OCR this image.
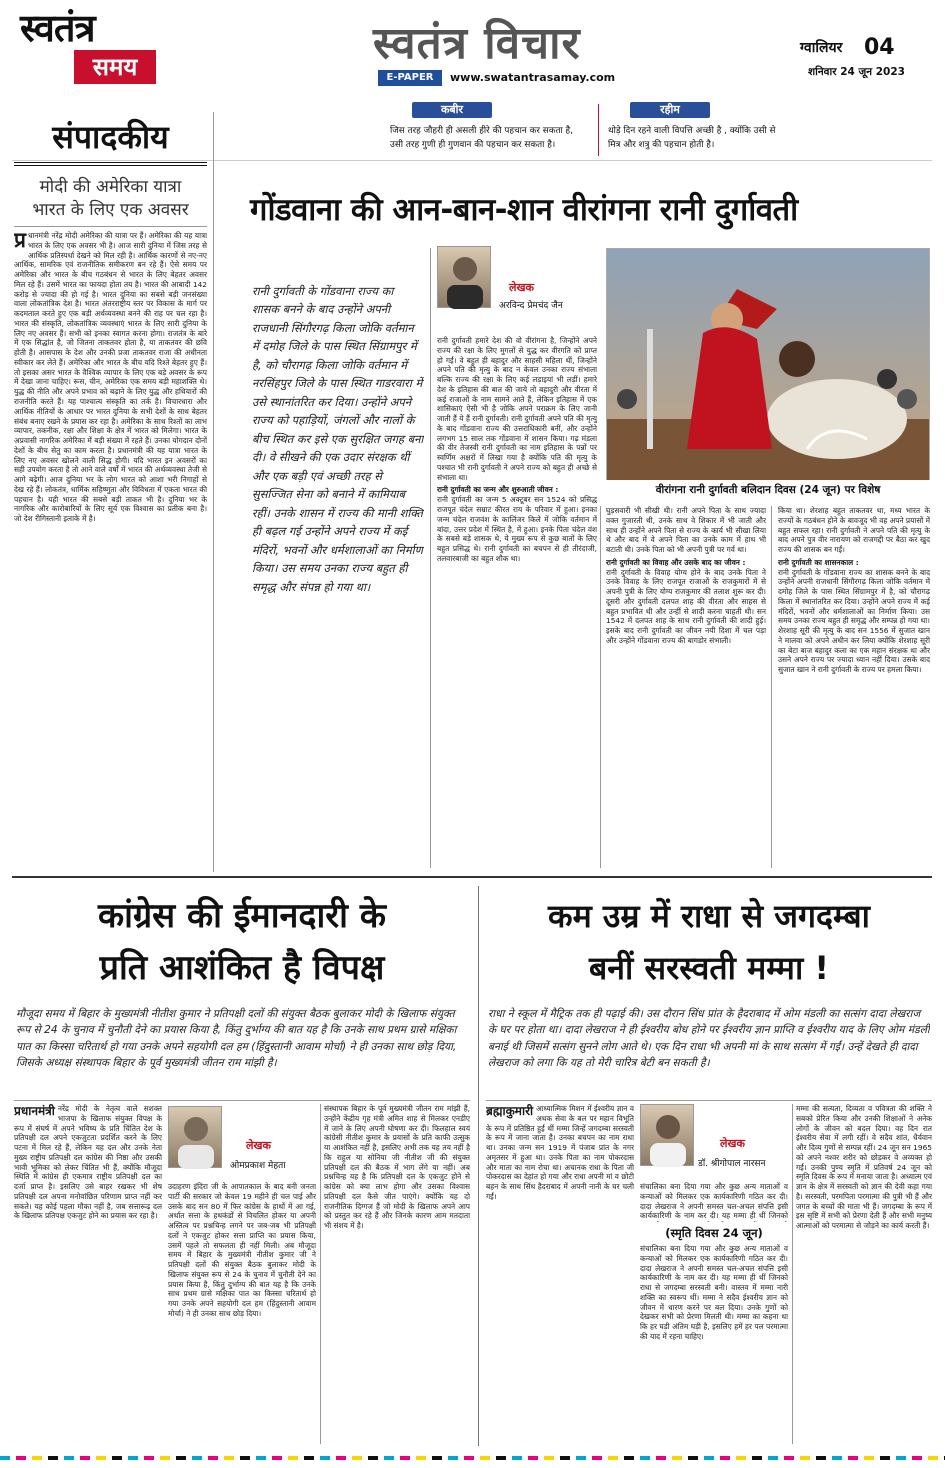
स्वतंत्र
समय	स्वतंत्र विचार
E-PAPER	www.swatantrasamay.com
ग्वालियर 04
शनिवार 24 जून 2023
कबीर
जिस तरह जौहरी ही असली हीरे की पहचान कर सकता है,
उसी तरह गुणी ही गुणवान की पहचान कर सकता है।
रहीम
थोड़े दिन रहने वाली विपत्ति अच्छी है , क्योंकि उसी से
मित्र और शत्रु की पहचान होती है।
संपादकीय
मोदी की अमेरिका यात्रा
भारत के लिए एक अवसर
प्र धानमंत्री नरेंद्र मोदी अमेरिका की यात्रा पर हैं। अमेरिका की यह यात्रा भारत के लिए एक अवसर भी है। आज सारी दुनिया में जिस तरह से आर्थिक प्रतिस्पर्धा देखने को मिल रही है। आर्थिक कारणों से नए-नए आर्थिक, सामरिक एवं राजनीतिक समीकरण बन रहे हैं। ऐसे समय पर अमेरिका और भारत के बीच गठबंधन से भारत के लिए बेहतर अवसर मिल रहे हैं। उसमें भारत का फायदा होता तय है। भारत की आबादी 142 करोड़ से ज्यादा की हो गई है। भारत दुनिया का सबसे बड़ी जनसंख्या वाला लोकतांत्रिक देश है। भारत अंतरराष्ट्रीय स्तर पर विकास के मार्ग पर कदमताल करते हुए एक बड़ी अर्थव्यवस्था बनने की राह पर चल रहा है। भारत की संस्कृति, लोकतांत्रिक व्यवस्थाएं भारत के लिए सारी दुनिया के लिए नए अवसर हैं। सभी को इनका स्वागत करना होगा। राजतंत्र के बारे में एक सिद्धांत है, जो जितना ताकतवर होता है, या ताकतवर की छवि होती है। आसपास के देश और उनकी प्रजा ताकतवर राजा की अधीनता स्वीकार कर लेते हैं। अमेरिका और भारत के बीच यदि रिश्ते बेहतर हुए हैं। तो इसका असर भारत के वैश्विक व्यापार के लिए एक बड़े अवसर के रूप में देखा जाना चाहिए। रूस, चीन, अमेरिका एक समय बड़ी महाशक्ति थे। युद्ध की नीति और अपने प्रभाव को बढ़ाने के लिए युद्ध और हथियारों की राजनीति करते हैं। यह पाश्चात्य संस्कृति का तर्क है। विचारधारा और आर्थिक नीतियों के आधार पर भारत दुनिया के सभी देशों के साथ बेहतर संबंध बनाए रखने के प्रयास कर रहा है। अमेरिका के साथ रिश्तों का लाभ व्यापार, तकनीक, रक्षा और शिक्षा के क्षेत्र में भारत को मिलेगा। भारत के अप्रवासी नागरिक अमेरिका में बड़ी संख्या में रहते हैं। उनका योगदान दोनों देशों के बीच सेतु का काम करता है। प्रधानमंत्री की यह यात्रा भारत के लिए नए अवसर खोलने वाली सिद्ध होगी। यदि भारत इन अवसरों का सही उपयोग करता है तो आने वाले वर्षों में भारत की अर्थव्यवस्था तेजी से आगे बढ़ेगी। आज दुनिया भर के लोग भारत को आशा भरी निगाहों से देख रहे हैं। लोकतंत्र, धार्मिक सहिष्णुता और विविधता में एकता भारत की पहचान है। यही भारत की सबसे बड़ी ताकत भी है। दुनिया भर के नागरिक और कारोबारियों के लिए सूर्य एक विश्वास का प्रतीक बना है। जो देश रीगिस्तानी इलाके में है।
गोंडवाना की आन-बान-शान वीरांगना रानी दुर्गावती
रानी दुर्गावती के गोंडवाना राज्य का शासक बनने के बाद उन्होंने अपनी राजधानी सिंगौरगढ़ किला जोकि वर्तमान में दमोह जिले के पास स्थित सिंग्रामपुर में है, को चौरागढ़ किला जोकि वर्तमान में नरसिंहपुर जिले के पास स्थित गाडरवारा में उसे स्थानांतरित कर दिया। उन्होंने अपने राज्य को पहाड़ियों, जंगलों और नालों के बीच स्थित कर इसे एक सुरक्षित जगह बना दी। वे सीखने की एक उदार संरक्षक थीं और एक बड़ी एवं अच्छी तरह से सुसज्जित सेना को बनाने में कामियाब रहीं। उनके शासन में राज्य की मानी शक्ति ही बढ़ल गई उन्होंने अपने राज्य में कई मंदिरों, भवनों और धर्मशालाओं का निर्माण किया। उस समय उनका राज्य बहुत ही समृद्ध और संपन्न हो गया था।
लेखक
अरविन्द प्रेमचंद जैन
रानी दुर्गावती हमारे देश की वो वीरांगना है, जिन्होंने अपने राज्य की रक्षा के लिए मुगलों से युद्ध कर वीरगति को प्राप्त हो गईं। वे बहुत ही बहादुर और साहसी महिला थीं, जिन्होंने अपने पति की मृत्यु के बाद न केवल उनका राज्य संभाला बल्कि राज्य की रक्षा के लिए कई लड़ाइयां भी लड़ीं। हमारे देश के इतिहास की बात की जाये तो बहादुरी और वीरता में कई राजाओं के नाम सामने आते हैं, लेकिन इतिहास में एक शासिकाएं ऐसी भी है जोकि अपने पराक्रम के लिए जानी जाती हैं ये हैं रानी दुर्गावती। रानी दुर्गावती अपने पति की मृत्यु के बाद गोंडवाना राज्य की उत्तराधिकारी बनीं, और उन्होंने लगभग 15 साल तक गोंडवाना में शासन किया। गढ़ मंडला की वीर तेजस्वी रानी दुर्गावती का नाम इतिहास के पन्नों पर स्वर्णिम अक्षरों में लिखा गया है क्योंकि पति की मृत्यु के पश्चात भी रानी दुर्गावती ने अपने राज्य को बहुत ही अच्छे से संभाला था।
रानी दुर्गावती का जन्म और शुरुआती जीवन :
रानी दुर्गावती का जन्म 5 अक्टूबर सन 1524 को प्रसिद्ध राजपूत चंदेल सम्राट कीरत राय के परिवार में हुआ। इनका जन्म चंदेल राजवंश के कालिंजर किले में जोकि वर्तमान में बांदा, उत्तर प्रदेश में स्थित है, में हुआ। इनके पिता चंदेल वंश के सबसे बड़े शासक थे, ये मुख्य रूप से कुछ बातों के लिए बहुत प्रसिद्ध थे। रानी दुर्गावती का बचपन से ही तीरंदाजी, तलवारबाजी का बहुत शौक था।
वीरांगना रानी दुर्गावती बलिदान दिवस (24 जून) पर विशेष
घुड़सवारी भी सीखी थी। रानी अपने पिता के साथ ज्यादा वक्त गुजारती थी, उनके साथ वे शिकार में भी जाती और साथ ही उन्होंने अपने पिता से राज्य के कार्य भी सीखा लिया थे और बाद में वे अपने पिता का उनके काम में हाथ भी बटाती थी। उनके पिता को भी अपनी पुत्री पर गर्व था।
रानी दुर्गावती का विवाह और उसके बाद का जीवन :
रानी दुर्गावती के विवाह योग्य होने के बाद उनके पिता ने उनके विवाह के लिए राजपूत राजाओं के राजकुमारों में से अपनी पुत्री के लिए योग्य राजकुमार की तलाश शुरू कर दी। दूसरी और दुर्गावती दलपत शाह की वीरता और साहस से बहुत प्रभावित थी और उन्हीं से शादी करना चाहती थी। सन 1542 में दलपत शाह के साथ रानी दुर्गावती की शादी हुई। इसके बाद रानी दुर्गावती का जीवन नयी दिशा में चल पड़ा और उन्होंने गोंडवाना राज्य की बागडोर संभाली।
किया था। शेरशाह बहुत ताकतवर था, मध्य भारत के राज्यों के गठबंधन होने के बावजूद भी वह अपने प्रयासों में बहुत सफल रहा। रानी दुर्गावती ने अपने पति की मृत्यु के बाद अपने पुत्र वीर नारायण को राजगद्दी पर बैठा कर खुद राज्य की शासक बन गईं।
रानी दुर्गावती का शासनकाल :
रानी दुर्गावती के गोंडवाना राज्य का शासक बनने के बाद उन्होंने अपनी राजधानी सिंगौरगढ़ किला जोकि वर्तमान में दमोह जिले के पास स्थित सिंग्रामपुर में है, को चौरागढ़ किला में स्थानांतरित कर दिया। उन्होंने अपने राज्य में कई मंदिरों, भवनों और धर्मशालाओं का निर्माण किया। उस समय उनका राज्य बहुत ही समृद्ध और सम्पन्न हो गया था। शेरशाह सूरी की मृत्यु के बाद सन 1556 में सुजात खान ने मालवा को अपने अधीन कर लिया क्योंकि शेरशाह सूरी का बेटा बाज बहादुर कला का एक महान संरक्षक था और उसने अपने राज्य पर ज्यादा ध्यान नहीं दिया। उसके बाद सुजात खान ने रानी दुर्गावती के राज्य पर हमला किया।
कांग्रेस की ईमानदारी के
प्रति आशंकित है विपक्ष
मौजूदा समय में बिहार के मुख्यमंत्री नीतीश कुमार ने प्रतिपक्षी दलों की संयुक्त बैठक बुलाकर मोदी के खिलाफ संयुक्त रूप से 24 के चुनाव में चुनौती देने का प्रयास किया है, किंतु दुर्भाग्य की बात यह है कि उनके साथ प्रथम ग्रासे मक्षिका पात का किस्सा चरितार्थ हो गया उनके अपने सहयोगी दल हम (हिंदुस्तानी आवाम मोर्चा) ने ही उनका साथ छोड़ दिया, जिसके अध्यक्ष संस्थापक बिहार के पूर्व मुख्यमंत्री जीतन राम मांझी है।
प्रधानमंत्री नरेंद्र मोदी के नेतृत्व वाले सशक्त भाजपा के खिलाफ संयुक्त विपक्ष के रूप में संघर्ष में अपने भविष्य के प्रति चिंतित देश के प्रतिपक्षी दल अपने एकजुटता प्रदर्शित करने के लिए पटना में मिल रहे हैं, लेकिन यह दल और उनके नेता मुख्य राष्ट्रीय प्रतिपक्षी दल कांग्रेस की निष्ठा और उसकी भावी भूमिका को लेकर चिंतित भी हैं, क्योंकि मौजूदा स्थिति में कांग्रेस ही एकमात्र राष्ट्रीय प्रतिपक्षी दल का दर्जा प्राप्त है। इसलिए उसे बाहर रखकर भी शेष प्रतिपक्षी दल अपना मनोवांछित परिणाम प्राप्त नहीं कर सकते। यह कोई पहला मौका नहीं है, जब सत्तारूढ़ दल के खिलाफ प्रतिपक्ष एकजुट होने का प्रयास कर रहा है।
लेखक
ओमप्रकाश मेहता
उदाहरण इंदिरा जी के आपातकाल के बाद बनी जनता पार्टी की सरकार जो केवल 19 महीने ही चल पाई और उसके बाद सन 80 में फिर कांग्रेस के हाथों में आ गई, अर्थात सत्ता के हथकंडों से विचलित होकर या अपनी अस्तित्व पर प्रश्नचिन्ह लगने पर जब-जब भी प्रतिपक्षी दलों ने एकजुट होकर सत्ता प्राप्ति का प्रयास किया, उसमें पहले तो सफलता ही नहीं मिली। अब मौजूदा समय में बिहार के मुख्यमंत्री नीतीश कुमार जी ने प्रतिपक्षी दलों की संयुक्त बैठक बुलाकर मोदी के खिलाफ संयुक्त रूप से 24 के चुनाव में चुनौती देने का प्रयास किया है, किंतु दुर्भाग्य की बात यह है कि उनके साथ प्रथम ग्रासे मक्षिका पात का किस्सा चरितार्थ हो गया उनके अपने सहयोगी दल हम (हिंदुस्तानी आवाम मोर्चा) ने ही उनका साथ छोड़ दिया।
संस्थापक बिहार के पूर्व मुख्यमंत्री जीतन राम मांझी हैं, उन्होंने केंद्रीय गृह मंत्री अमित शाह से मिलकर एनडीए में जाने के लिए अपनी घोषणा कर दी। फिलहाल स्वयं कांग्रेसी नीतीश कुमार के प्रयासों के प्रति काफी उत्सुक या आशंकित नहीं है, इसलिए अभी तक यह तय नहीं है कि राहुल या सोनिया जी नीतीश जी की संयुक्त प्रतिपक्षी दल की बैठक में भाग लेंगे या नहीं। अब प्रश्नचिन्ह यह है कि प्रतिपक्षी दल के एकजुट होने से कांग्रेस को क्या लाभ होगा और उसका विश्वास प्रतिपक्षी दल कैसे जीत पाएंगे। क्योंकि यह दो राजनीतिक दिग्गज हैं जो मोदी के खिलाफ अपने आप को प्रस्तुत कर रहे हैं और जिनके कारण आम मतदाता भी संशय में है।
कम उम्र में राधा से जगदम्बा
बनीं सरस्वती मम्मा !
राधा ने स्कूल में मैट्रिक तक ही पढ़ाई की। उस दौरान सिंध प्रांत के हैदराबाद में ओम मंडली का सत्संग दादा लेखराज के घर पर होता था। दादा लेखराज ने ही ईश्वरीय बोध होने पर ईश्वरीय ज्ञान प्राप्ति व ईश्वरीय याद के लिए ओम मंडली बनाई थी जिसमें सत्संग सुनने लोग आते थे। एक दिन राधा भी अपनी मां के साथ सत्संग में गईं। उन्हें देखते ही दादा लेखराज को लगा कि यह तो मेरी चारित्र बेटी बन सकती है।
ब्रह्माकुमारी आध्यात्मिक मिशन में ईश्वरीय ज्ञान व अथक सेवा के बल पर महान विभूति के रूप में प्रतिष्ठित हुईं थीं मम्मा जिन्हें जगदम्बा सरस्वती के रूप में जाना जाता है। उनका बचपन का नाम राधा था। उनका जन्म सन 1919 में पंजाब प्रांत के नगर अमृतसर में हुआ था। उनके पिता का नाम पोकरदास और माता का नाम रोचा था। अचानक राधा के पिता जी पोकरदास का देहांत हो गया और राधा अपनी मां व छोटी बहन के साथ सिंध हैदराबाद में अपनी नानी के घर चली गईं।
लेखक
डॉ. श्रीगोपाल नारसन
संचालिका बना दिया गया और कुछ अन्य माताओं व कन्याओं को मिलकर एक कार्यकारिणी गठित कर दी। दादा लेखराज ने अपनी समस्त चल-अचल संपत्ति इसी कार्यकारिणी के नाम कर दी। यह मम्मा ही थीं जिनको
(स्मृति दिवस 24 जून)
संचालिका बना दिया गया और कुछ अन्य माताओं व कन्याओं को मिलकर एक कार्यकारिणी गठित कर दी। दादा लेखराज ने अपनी समस्त चल-अचल संपत्ति इसी कार्यकारिणी के नाम कर दी। यह मम्मा ही थीं जिनको राधा से जगदम्बा सरस्वती बनी। वास्तव में मम्मा नारी शक्ति का स्वरूप थीं। मम्मा ने सदैव ईश्वरीय ज्ञान को जीवन में धारण करने पर बल दिया। उनके गुणों को देखकर सभी को प्रेरणा मिलती थी। मम्मा का कहना था कि हर घड़ी अंतिम घड़ी है, इसलिए हमें हर पल परमात्मा की याद में रहना चाहिए।
मम्मा की सत्यता, दिव्यता व पवित्रता की शक्ति ने सबको प्रेरित किया और उनकी शिक्षाओं ने अनेक लोगों के जीवन को बदल दिया। वह दिन रात ईश्वरीय सेवा में लगी रहीं। वे सदैव शांत, धैर्यवान और दिव्य गुणों से सम्पन्न रहीं। 24 जून सन 1965 को अपने नश्वर शरीर को छोड़कर वे अव्यक्त हो गईं। उनकी पुण्य स्मृति में प्रतिवर्ष 24 जून को स्मृति दिवस के रूप में मनाया जाता है। अध्यात्म एवं ज्ञान के क्षेत्र में सरस्वती को ज्ञान की देवी कहा गया है। सरस्वती, परमपिता परमात्मा की पुत्री भी हैं और जगत के बच्चों की माता भी हैं। जगदम्बा के रूप में इस सृष्टि में सभी को प्रेरणा देती हैं और सभी मनुष्य आत्माओं को परमात्मा से जोड़ने का कार्य करती हैं।
